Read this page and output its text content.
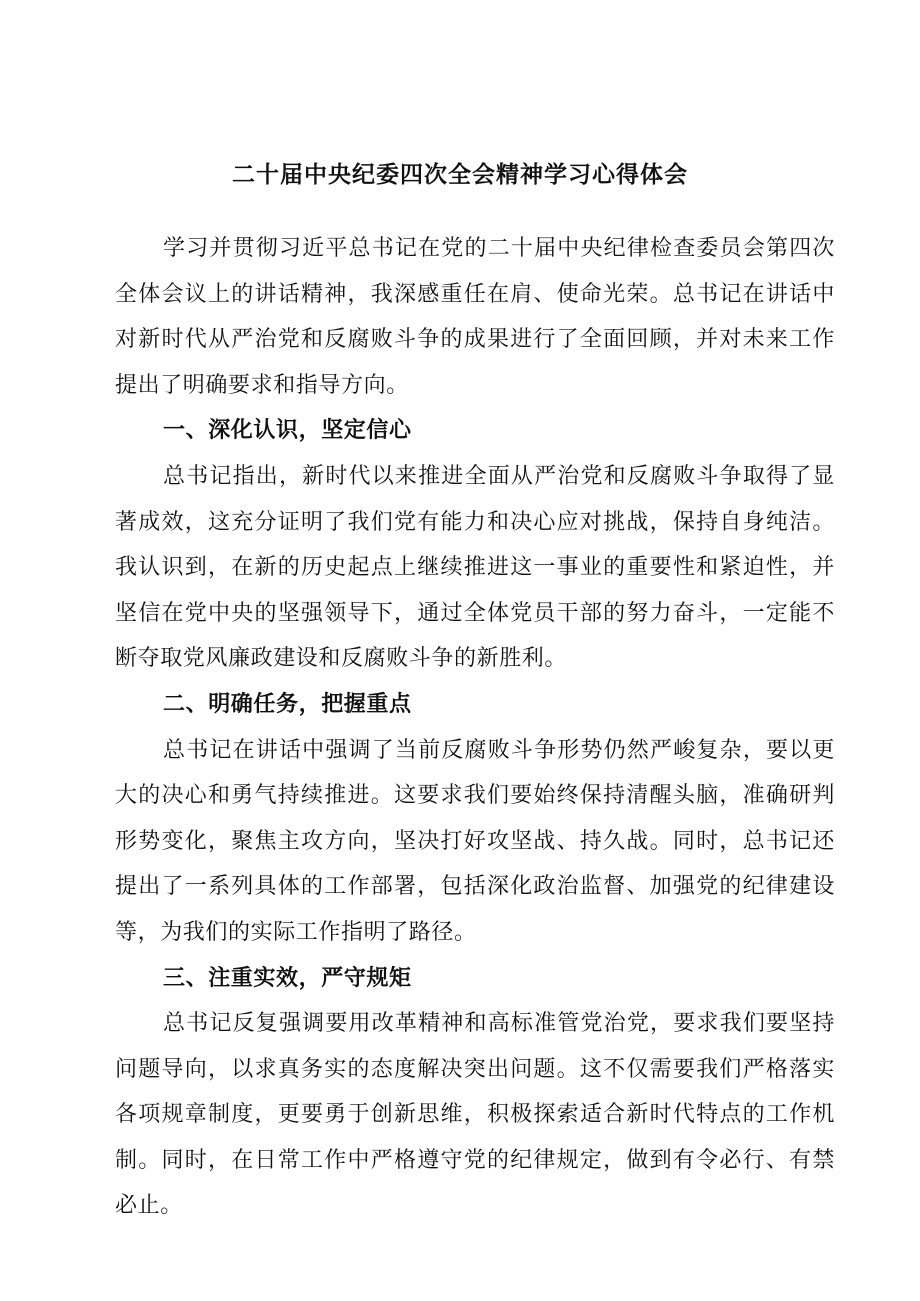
二十届中央纪委四次全会精神学习心得体会

学习并贯彻习近平总书记在党的二十届中央纪律检查委员会第四次全体会议上的讲话精神，我深感重任在肩、使命光荣。总书记在讲话中对新时代从严治党和反腐败斗争的成果进行了全面回顾，并对未来工作提出了明确要求和指导方向。

一、深化认识，坚定信心

总书记指出，新时代以来推进全面从严治党和反腐败斗争取得了显著成效，这充分证明了我们党有能力和决心应对挑战，保持自身纯洁。我认识到，在新的历史起点上继续推进这一事业的重要性和紧迫性，并坚信在党中央的坚强领导下，通过全体党员干部的努力奋斗，一定能不断夺取党风廉政建设和反腐败斗争的新胜利。

二、明确任务，把握重点

总书记在讲话中强调了当前反腐败斗争形势仍然严峻复杂，要以更大的决心和勇气持续推进。这要求我们要始终保持清醒头脑，准确研判形势变化，聚焦主攻方向，坚决打好攻坚战、持久战。同时，总书记还提出了一系列具体的工作部署，包括深化政治监督、加强党的纪律建设等，为我们的实际工作指明了路径。

三、注重实效，严守规矩

总书记反复强调要用改革精神和高标准管党治党，要求我们要坚持问题导向，以求真务实的态度解决突出问题。这不仅需要我们严格落实各项规章制度，更要勇于创新思维，积极探索适合新时代特点的工作机制。同时，在日常工作中严格遵守党的纪律规定，做到有令必行、有禁必止。
